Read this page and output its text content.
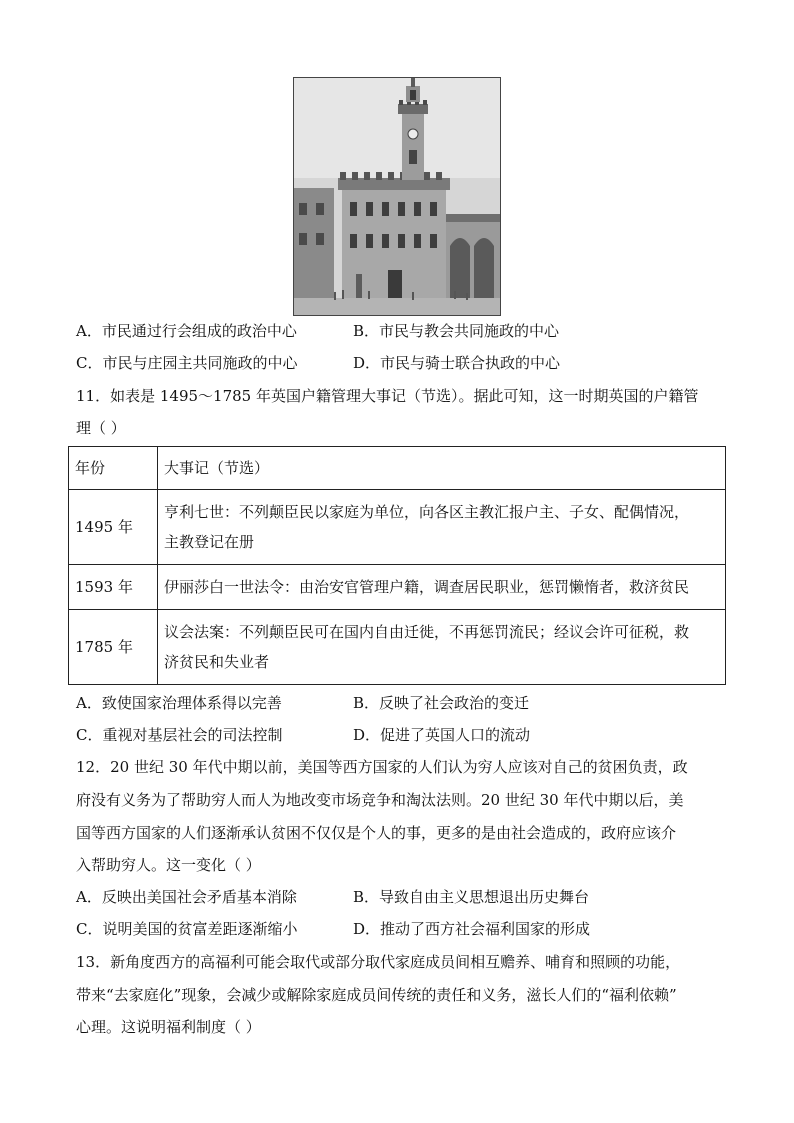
A．市民通过行会组成的政治中心	B．市民与教会共同施政的中心
C．市民与庄园主共同施政的中心	D．市民与骑士联合执政的中心
11．如表是 1495～1785 年英国户籍管理大事记（节选）。据此可知，这一时期英国的户籍管
理（ ）
年份	大事记（节选）
1495 年	亨利七世：不列颠臣民以家庭为单位，向各区主教汇报户主、子女、配偶情况，
主教登记在册

1593 年	伊丽莎白一世法令：由治安官管理户籍，调查居民职业，惩罚懒惰者，救济贫民

1785 年	议会法案：不列颠臣民可在国内自由迁徙，不再惩罚流民；经议会许可征税，救
济贫民和失业者
A．致使国家治理体系得以完善	B．反映了社会政治的变迁
C．重视对基层社会的司法控制	D．促进了英国人口的流动
12．20 世纪 30 年代中期以前，美国等西方国家的人们认为穷人应该对自己的贫困负责，政
府没有义务为了帮助穷人而人为地改变市场竞争和淘汰法则。20 世纪 30 年代中期以后，美
国等西方国家的人们逐渐承认贫困不仅仅是个人的事，更多的是由社会造成的，政府应该介
入帮助穷人。这一变化（ ）
A．反映出美国社会矛盾基本消除	B．导致自由主义思想退出历史舞台
C．说明美国的贫富差距逐渐缩小	D．推动了西方社会福利国家的形成
13．新角度西方的高福利可能会取代或部分取代家庭成员间相互赡养、哺育和照顾的功能，
带来“去家庭化”现象，会减少或解除家庭成员间传统的责任和义务，滋长人们的“福利依赖”
心理。这说明福利制度（ ）
